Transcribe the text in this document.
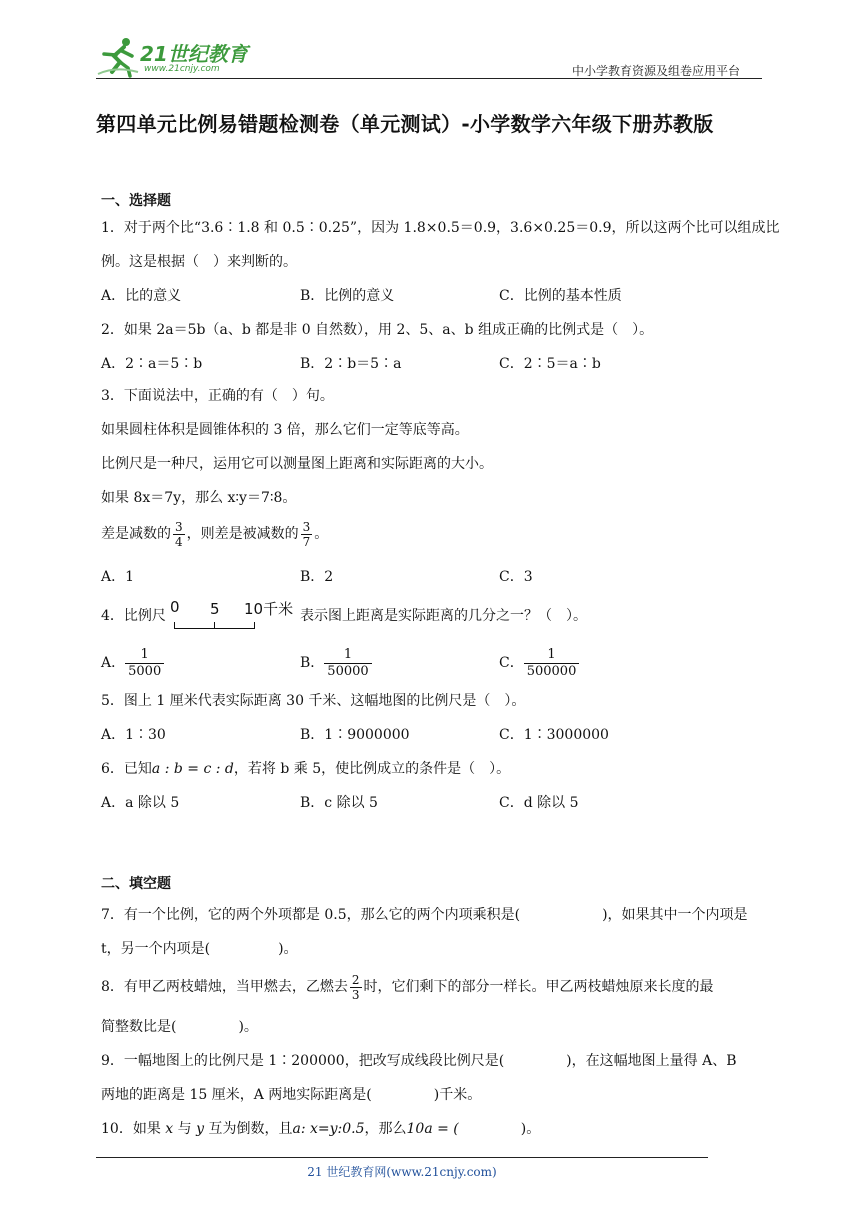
21世纪教育
www.21cnjy.com	中小学教育资源及组卷应用平台
第四单元比例易错题检测卷（单元测试）-小学数学六年级下册苏教版
一、选择题
1．对于两个比“3.6∶1.8 和 0.5∶0.25”，因为 1.8×0.5＝0.9，3.6×0.25＝0.9，所以这两个比可以组成比
例。这是根据（　）来判断的。
A．比的意义	B．比例的意义	C．比例的基本性质
2．如果 2a＝5b（a、b 都是非 0 自然数），用 2、5、a、b 组成正确的比例式是（　）。
A．2∶a＝5∶b	B．2∶b＝5∶a	C．2∶5＝a∶b
3．下面说法中，正确的有（　）句。
如果圆柱体积是圆锥体积的 3 倍，那么它们一定等底等高。
比例尺是一种尺，运用它可以测量图上距离和实际距离的大小。
如果 8x＝7y，那么 x∶y＝7∶8。
差是减数的 $\frac{3}{4}$ ，则差是被减数的 $\frac{3}{7}$ 。
A．1	B．2	C．3
4．比例尺 0 5 10千米 表示图上距离是实际距离的几分之一？（　）。
A． $\frac{1}{5000}$	B． $\frac{1}{50000}$	C． $\frac{1}{500000}$
5．图上 1 厘米代表实际距离 30 千米、这幅地图的比例尺是（　）。
A．1∶30	B．1∶9000000	C．1∶3000000
6．已知a : b = c : d，若将 b 乘 5，使比例成立的条件是（　）。
A．a 除以 5	B．c 除以 5	C．d 除以 5
二、填空题
7．有一个比例，它的两个外项都是 0.5，那么它的两个内项乘积是(	)，如果其中一个内项是
t，另一个内项是(	)。
8．有甲乙两枝蜡烛，当甲燃去，乙燃去 $\frac{2}{3}$ 时，它们剩下的部分一样长。甲乙两枝蜡烛原来长度的最
简整数比是(	)。
9．一幅地图上的比例尺是 1∶200000，把改写成线段比例尺是(	)，在这幅地图上量得 A、B
两地的距离是 15 厘米，A 两地实际距离是(	)千米。
10．如果 x 与 y 互为倒数，且a: x=y:0.5，那么10a = (	)。
21 世纪教育网(www.21cnjy.com)
